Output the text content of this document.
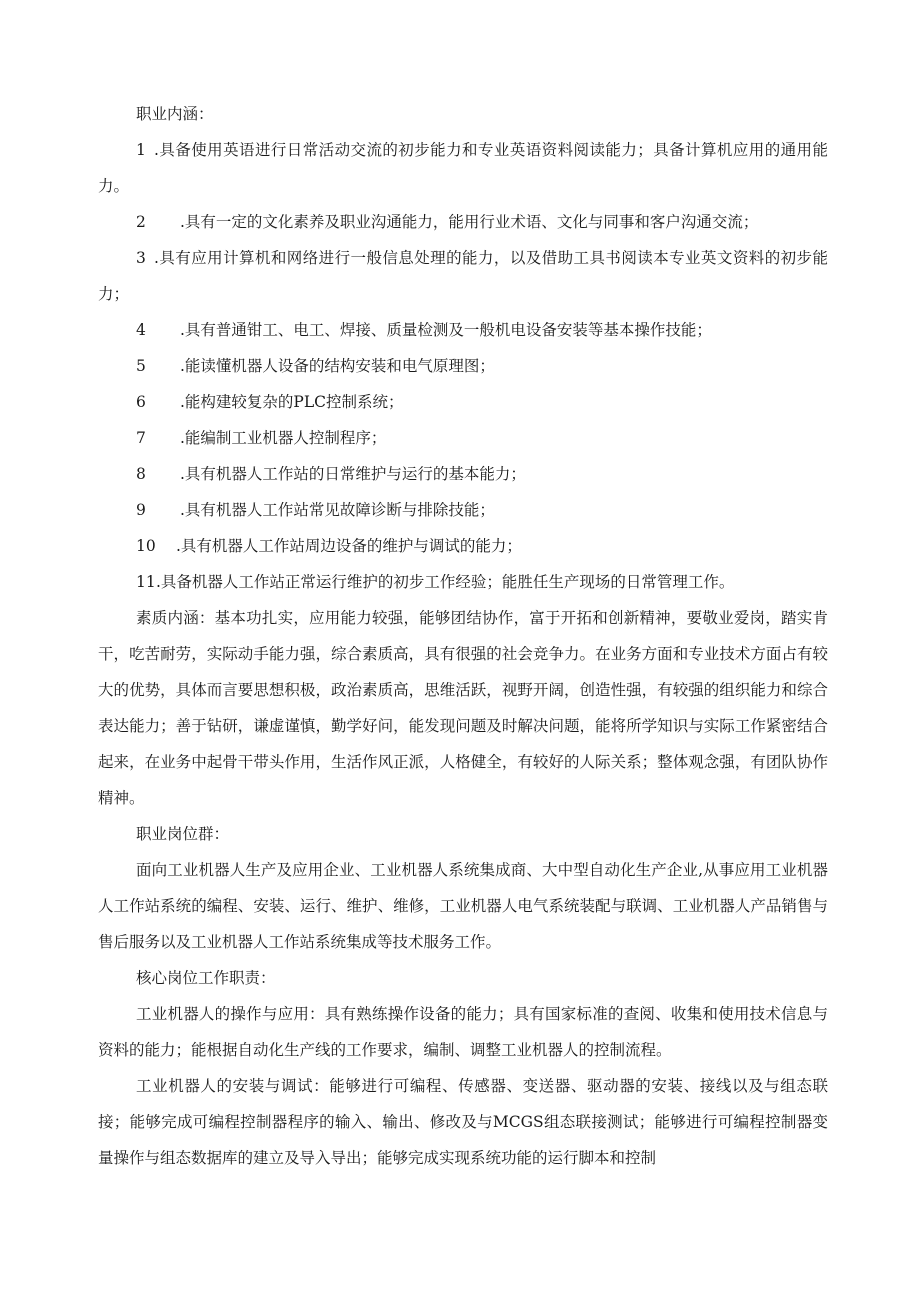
职业内涵：

1 .具备使用英语进行日常活动交流的初步能力和专业英语资料阅读能力；具备计算机应用的通用能力。

2 .具有一定的文化素养及职业沟通能力，能用行业术语、文化与同事和客户沟通交流；

3 .具有应用计算机和网络进行一般信息处理的能力，以及借助工具书阅读本专业英文资料的初步能力；

4 .具有普通钳工、电工、焊接、质量检测及一般机电设备安装等基本操作技能；

5 .能读懂机器人设备的结构安装和电气原理图；

6 .能构建较复杂的PLC控制系统；

7 .能编制工业机器人控制程序；

8 .具有机器人工作站的日常维护与运行的基本能力；

9 .具有机器人工作站常见故障诊断与排除技能；

10 .具有机器人工作站周边设备的维护与调试的能力；

11.具备机器人工作站正常运行维护的初步工作经验；能胜任生产现场的日常管理工作。

素质内涵：基本功扎实，应用能力较强，能够团结协作，富于开拓和创新精神，要敬业爱岗，踏实肯干，吃苦耐劳，实际动手能力强，综合素质高，具有很强的社会竞争力。在业务方面和专业技术方面占有较大的优势，具体而言要思想积极，政治素质高，思维活跃，视野开阔，创造性强，有较强的组织能力和综合表达能力；善于钻研，谦虚谨慎，勤学好问，能发现问题及时解决问题，能将所学知识与实际工作紧密结合起来，在业务中起骨干带头作用，生活作风正派，人格健全，有较好的人际关系；整体观念强，有团队协作精神。

职业岗位群：

面向工业机器人生产及应用企业、工业机器人系统集成商、大中型自动化生产企业,从事应用工业机器人工作站系统的编程、安装、运行、维护、维修，工业机器人电气系统装配与联调、工业机器人产品销售与售后服务以及工业机器人工作站系统集成等技术服务工作。

核心岗位工作职责：

工业机器人的操作与应用：具有熟练操作设备的能力；具有国家标准的查阅、收集和使用技术信息与资料的能力；能根据自动化生产线的工作要求，编制、调整工业机器人的控制流程。

工业机器人的安装与调试：能够进行可编程、传感器、变送器、驱动器的安装、接线以及与组态联接；能够完成可编程控制器程序的输入、输出、修改及与MCGS组态联接测试；能够进行可编程控制器变量操作与组态数据库的建立及导入导出；能够完成实现系统功能的运行脚本和控制
